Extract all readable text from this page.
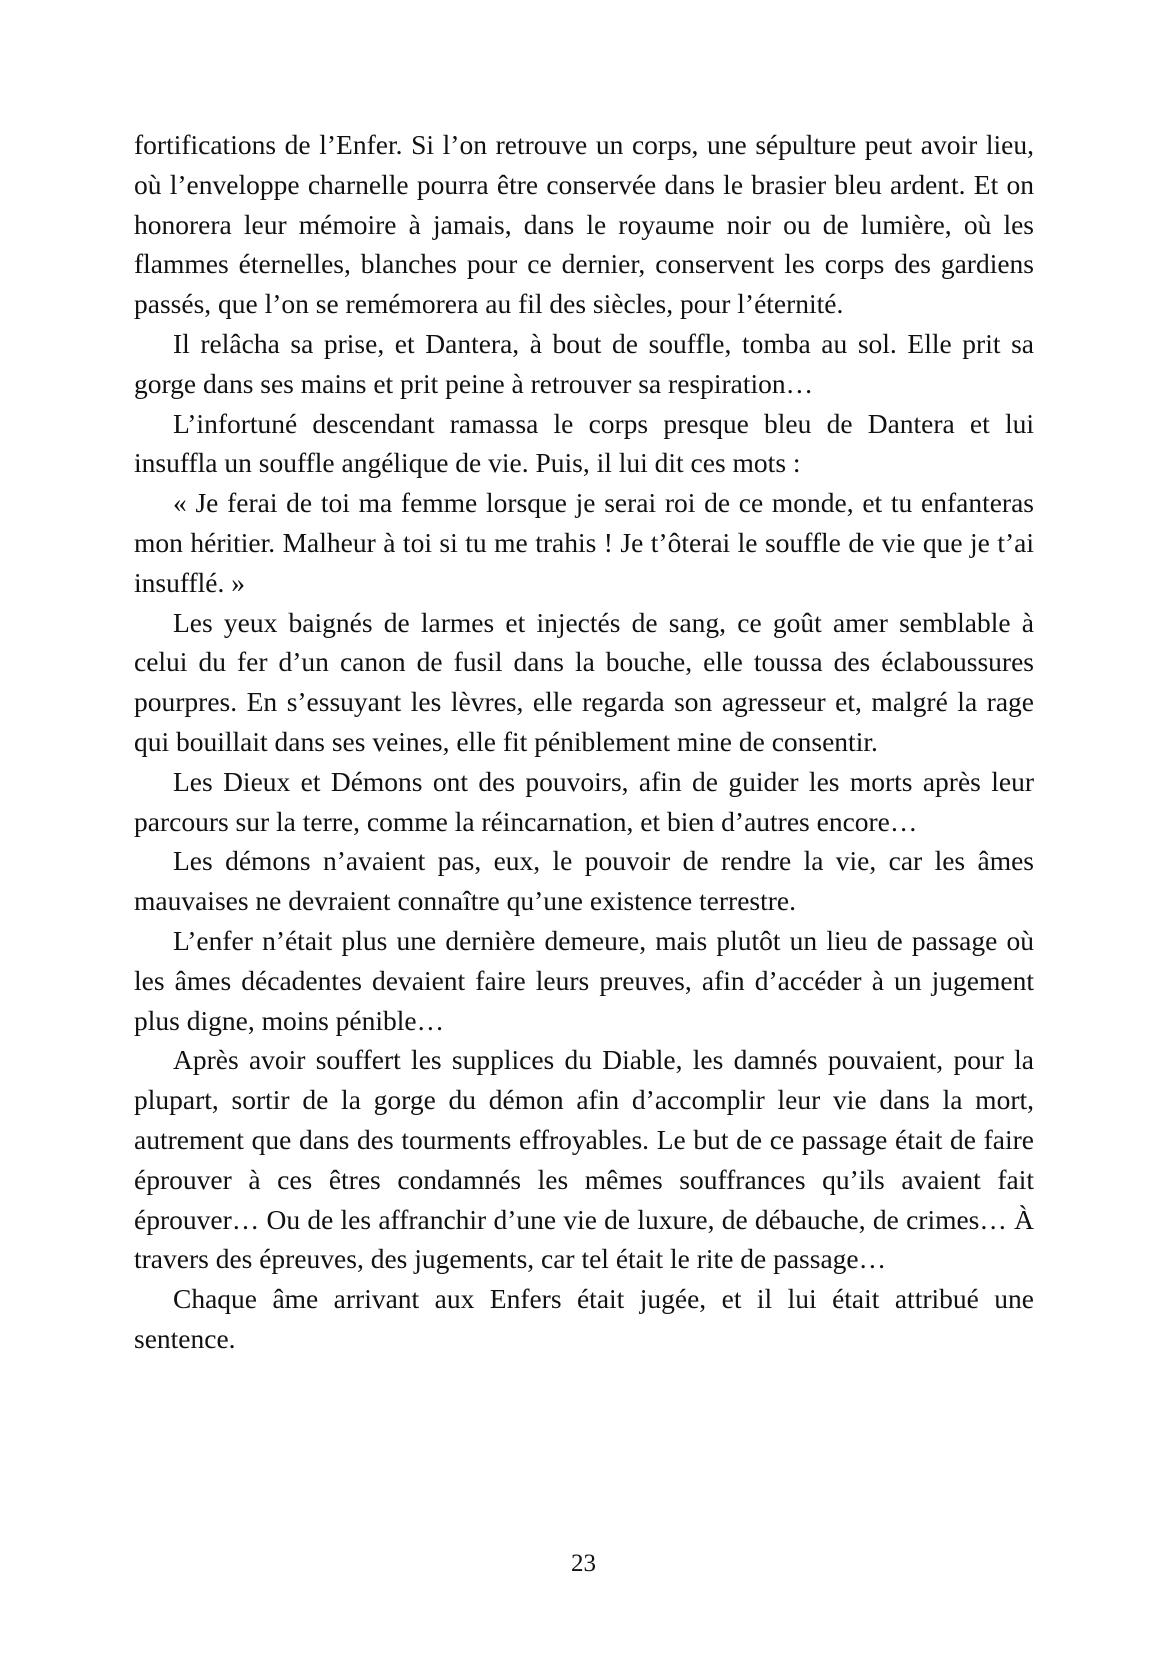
fortifications de l’Enfer. Si l’on retrouve un corps, une sépulture peut avoir lieu, où l’enveloppe charnelle pourra être conservée dans le brasier bleu ardent. Et on honorera leur mémoire à jamais, dans le royaume noir ou de lumière, où les flammes éternelles, blanches pour ce dernier, conservent les corps des gardiens passés, que l’on se remémorera au fil des siècles, pour l’éternité.

Il relâcha sa prise, et Dantera, à bout de souffle, tomba au sol. Elle prit sa gorge dans ses mains et prit peine à retrouver sa respiration…

L’infortuné descendant ramassa le corps presque bleu de Dantera et lui insuffla un souffle angélique de vie. Puis, il lui dit ces mots :

« Je ferai de toi ma femme lorsque je serai roi de ce monde, et tu enfanteras mon héritier. Malheur à toi si tu me trahis ! Je t’ôterai le souffle de vie que je t’ai insufflé. »

Les yeux baignés de larmes et injectés de sang, ce goût amer semblable à celui du fer d’un canon de fusil dans la bouche, elle toussa des éclaboussures pourpres. En s’essuyant les lèvres, elle regarda son agresseur et, malgré la rage qui bouillait dans ses veines, elle fit péniblement mine de consentir.

Les Dieux et Démons ont des pouvoirs, afin de guider les morts après leur parcours sur la terre, comme la réincarnation, et bien d’autres encore…

Les démons n’avaient pas, eux, le pouvoir de rendre la vie, car les âmes mauvaises ne devraient connaître qu’une existence terrestre.

L’enfer n’était plus une dernière demeure, mais plutôt un lieu de passage où les âmes décadentes devaient faire leurs preuves, afin d’accéder à un jugement plus digne, moins pénible…

Après avoir souffert les supplices du Diable, les damnés pouvaient, pour la plupart, sortir de la gorge du démon afin d’accomplir leur vie dans la mort, autrement que dans des tourments effroyables. Le but de ce passage était de faire éprouver à ces êtres condamnés les mêmes souffrances qu’ils avaient fait éprouver… Ou de les affranchir d’une vie de luxure, de débauche, de crimes… À travers des épreuves, des jugements, car tel était le rite de passage…

Chaque âme arrivant aux Enfers était jugée, et il lui était attribué une sentence.

23
